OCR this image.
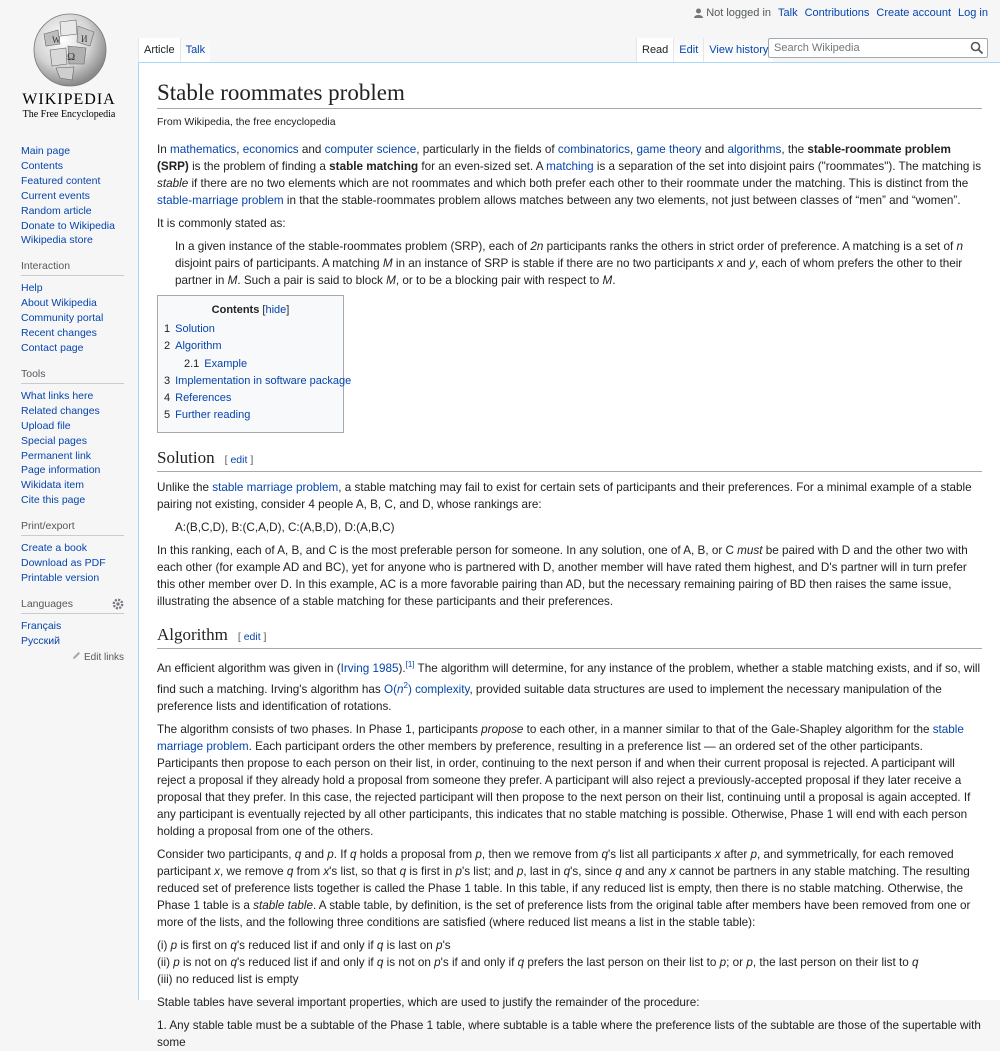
Ω
W И
WIKIPEDIA
The Free Encyclopedia
Not logged in Talk Contributions Create account Log in
Article	Talk	Read	Edit	View history Search Wikipedia
Main page
Contents
Featured content
Current events
Random article
Donate to Wikipedia
Wikipedia store
Interaction
Help
About Wikipedia
Community portal
Recent changes
Contact page
Tools
What links here
Related changes
Upload file
Special pages
Permanent link
Page information
Wikidata item
Cite this page
Print/export
Create a book
Download as PDF
Printable version
Languages
Français
Русский
Edit links
Stable roommates problem
From Wikipedia, the free encyclopedia

In mathematics, economics and computer science, particularly in the fields of combinatorics, game theory and algorithms, the stable-roommate problem (SRP) is the problem of finding a stable matching for an even-sized set. A matching is a separation of the set into disjoint pairs ("roommates"). The matching is stable if there are no two elements which are not roommates and which both prefer each other to their roommate under the matching. This is distinct from the stable-marriage problem in that the stable-roommates problem allows matches between any two elements, not just between classes of “men” and “women”.

It is commonly stated as:

In a given instance of the stable-roommates problem (SRP), each of 2n participants ranks the others in strict order of preference. A matching is a set of n disjoint pairs of participants. A matching M in an instance of SRP is stable if there are no two participants x and y, each of whom prefers the other to their partner in M. Such a pair is said to block M, or to be a blocking pair with respect to M.

Contents [hide]
1 Solution
2 Algorithm
2.1 Example
3 Implementation in software package
4 References
5 Further reading
Solution [ edit ]

Unlike the stable marriage problem, a stable matching may fail to exist for certain sets of participants and their preferences. For a minimal example of a stable pairing not existing, consider 4 people A, B, C, and D, whose rankings are:

A:(B,C,D), B:(C,A,D), C:(A,B,D), D:(A,B,C)

In this ranking, each of A, B, and C is the most preferable person for someone. In any solution, one of A, B, or C must be paired with D and the other two with each other (for example AD and BC), yet for anyone who is partnered with D, another member will have rated them highest, and D's partner will in turn prefer this other member over D. In this example, AC is a more favorable pairing than AD, but the necessary remaining pairing of BD then raises the same issue, illustrating the absence of a stable matching for these participants and their preferences.

Algorithm [ edit ]

An efficient algorithm was given in (Irving 1985).[1] The algorithm will determine, for any instance of the problem, whether a stable matching exists, and if so, will find such a matching. Irving's algorithm has $O(n^2)$ complexity, provided suitable data structures are used to implement the necessary manipulation of the preference lists and identification of rotations.

The algorithm consists of two phases. In Phase 1, participants propose to each other, in a manner similar to that of the Gale-Shapley algorithm for the stable marriage problem. Each participant orders the other members by preference, resulting in a preference list — an ordered set of the other participants. Participants then propose to each person on their list, in order, continuing to the next person if and when their current proposal is rejected. A participant will reject a proposal if they already hold a proposal from someone they prefer. A participant will also reject a previously-accepted proposal if they later receive a proposal that they prefer. In this case, the rejected participant will then propose to the next person on their list, continuing until a proposal is again accepted. If any participant is eventually rejected by all other participants, this indicates that no stable matching is possible. Otherwise, Phase 1 will end with each person holding a proposal from one of the others.

Consider two participants, q and p. If q holds a proposal from p, then we remove from q's list all participants x after p, and symmetrically, for each removed participant x, we remove q from x's list, so that q is first in p's list; and p, last in q's, since q and any x cannot be partners in any stable matching. The resulting reduced set of preference lists together is called the Phase 1 table. In this table, if any reduced list is empty, then there is no stable matching. Otherwise, the Phase 1 table is a stable table. A stable table, by definition, is the set of preference lists from the original table after members have been removed from one or more of the lists, and the following three conditions are satisfied (where reduced list means a list in the stable table):

(i) p is first on q's reduced list if and only if q is last on p's
(ii) p is not on q's reduced list if and only if q is not on p's if and only if q prefers the last person on their list to p; or p, the last person on their list to q
(iii) no reduced list is empty

Stable tables have several important properties, which are used to justify the remainder of the procedure:

1. Any stable table must be a subtable of the Phase 1 table, where subtable is a table where the preference lists of the subtable are those of the supertable with some
